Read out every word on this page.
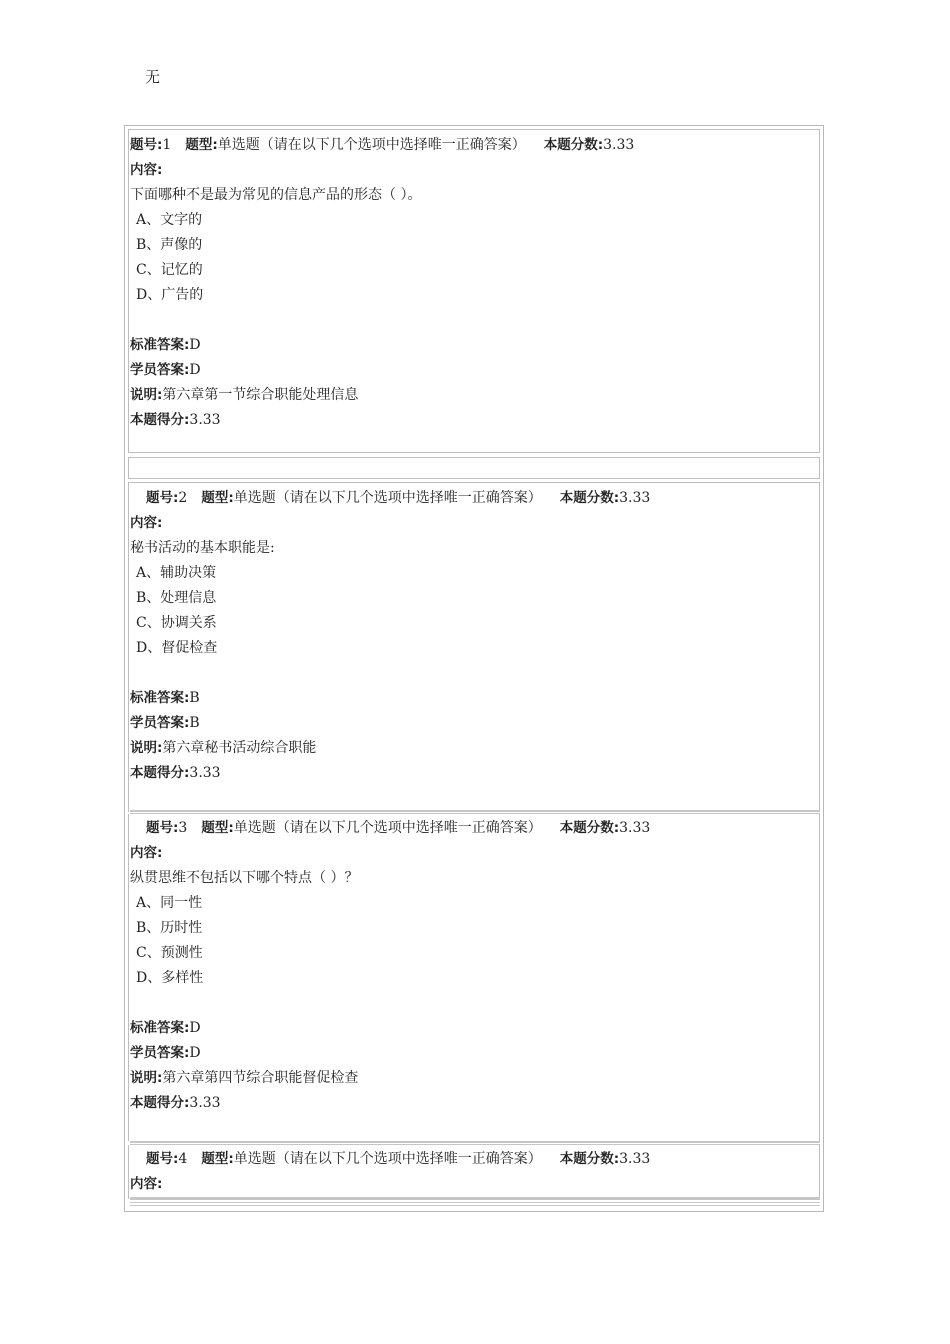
无
题号:1 题型:单选题（请在以下几个选项中选择唯一正确答案） 本题分数:3.33
内容:
下面哪种不是最为常见的信息产品的形态（ ）。
A、文字的
B、声像的
C、记忆的
D、广告的
标准答案:D
学员答案:D
说明:第六章第一节综合职能处理信息
本题得分:3.33
题号:2 题型:单选题（请在以下几个选项中选择唯一正确答案） 本题分数:3.33
内容:
秘书活动的基本职能是:
A、辅助决策
B、处理信息
C、协调关系
D、督促检查
标准答案:B
学员答案:B
说明:第六章秘书活动综合职能
本题得分:3.33
题号:3 题型:单选题（请在以下几个选项中选择唯一正确答案） 本题分数:3.33
内容:
纵贯思维不包括以下哪个特点（ ）？
A、同一性
B、历时性
C、预测性
D、多样性
标准答案:D
学员答案:D
说明:第六章第四节综合职能督促检查
本题得分:3.33
题号:4 题型:单选题（请在以下几个选项中选择唯一正确答案） 本题分数:3.33
内容:
